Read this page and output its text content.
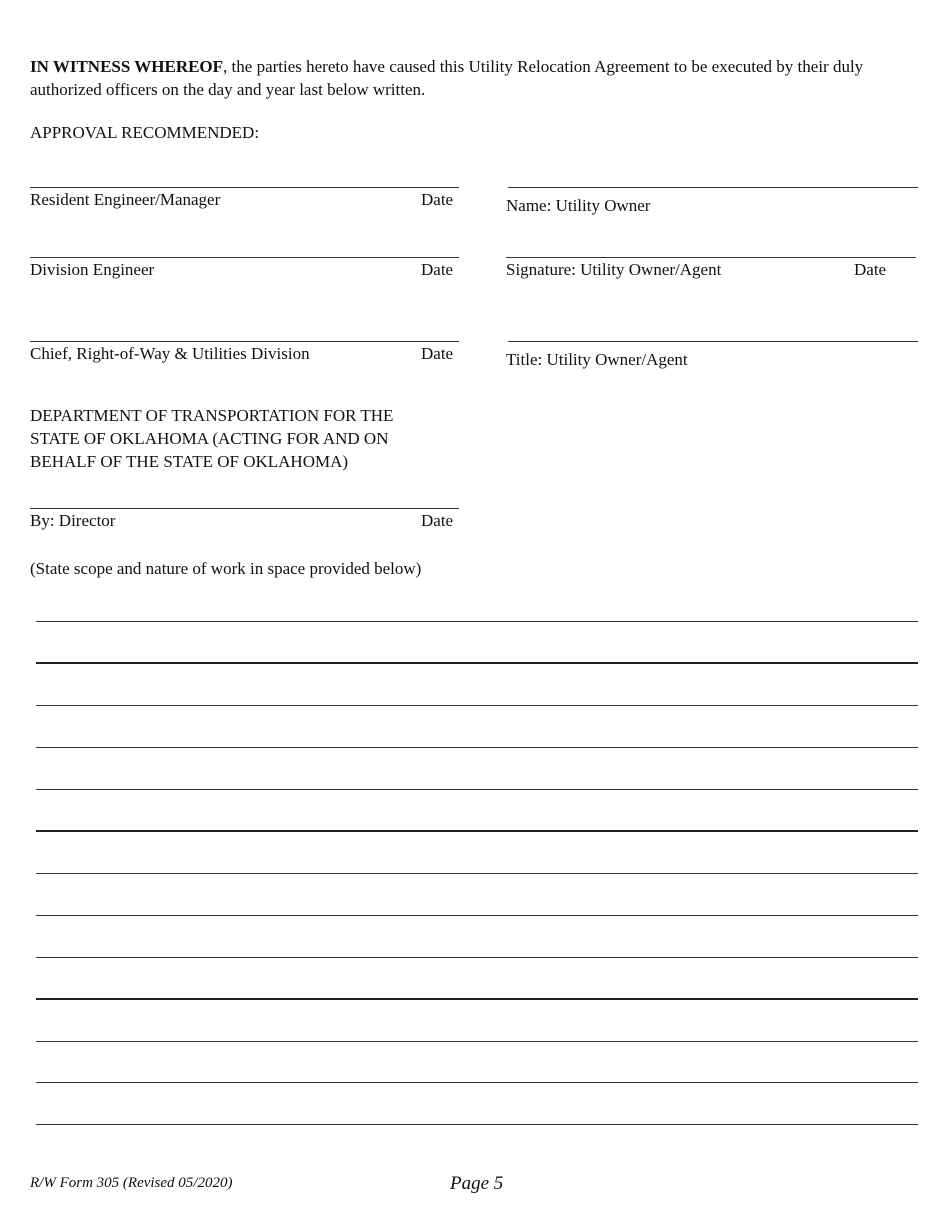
IN WITNESS WHEREOF, the parties hereto have caused this Utility Relocation Agreement to be executed by their duly authorized officers on the day and year last below written.
APPROVAL RECOMMENDED:
Resident Engineer/Manager	Date
Division Engineer	Date
Chief, Right-of-Way & Utilities Division	Date
Name: Utility Owner
Signature: Utility Owner/Agent	Date
Title: Utility Owner/Agent
DEPARTMENT OF TRANSPORTATION FOR THE
STATE OF OKLAHOMA (ACTING FOR AND ON
BEHALF OF THE STATE OF OKLAHOMA)
By: Director	Date
(State scope and nature of work in space provided below)
R/W Form 305 (Revised 05/2020)	Page 5
